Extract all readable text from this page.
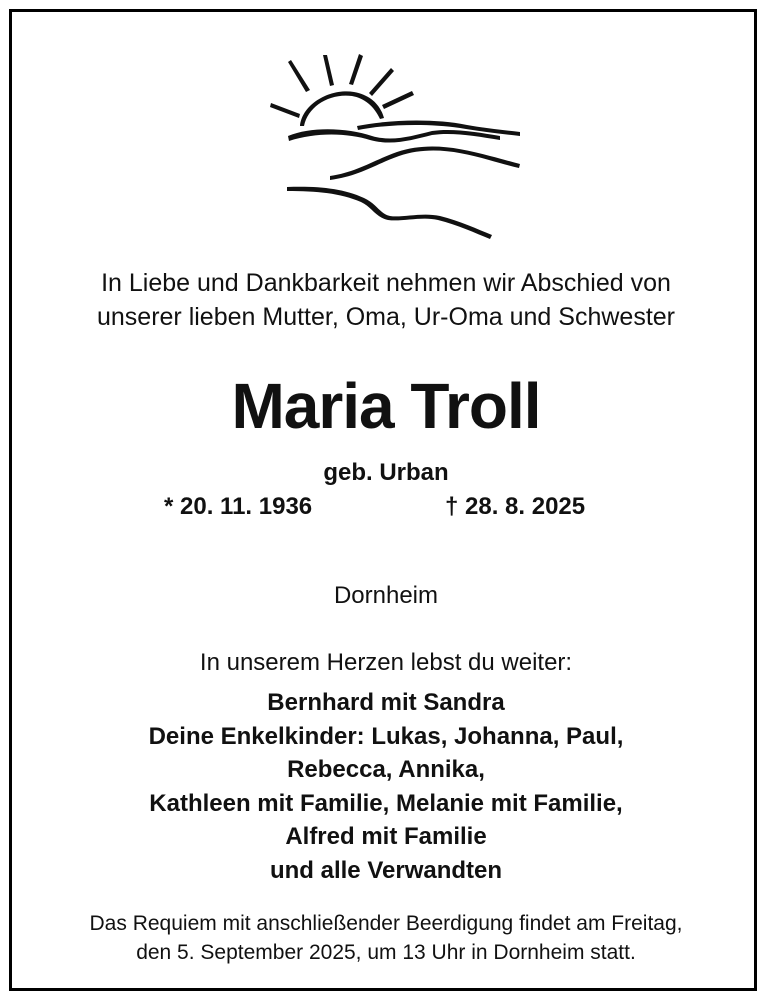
In Liebe und Dankbarkeit nehmen wir Abschied von
unserer lieben Mutter, Oma, Ur-Oma und Schwester
Maria Troll
geb. Urban
* 20. 11. 1936	† 28. 8. 2025
Dornheim
In unserem Herzen lebst du weiter:
Bernhard mit Sandra
Deine Enkelkinder: Lukas, Johanna, Paul,
Rebecca, Annika,
Kathleen mit Familie, Melanie mit Familie,
Alfred mit Familie
und alle Verwandten
Das Requiem mit anschließender Beerdigung findet am Freitag,
den 5. September 2025, um 13 Uhr in Dornheim statt.
